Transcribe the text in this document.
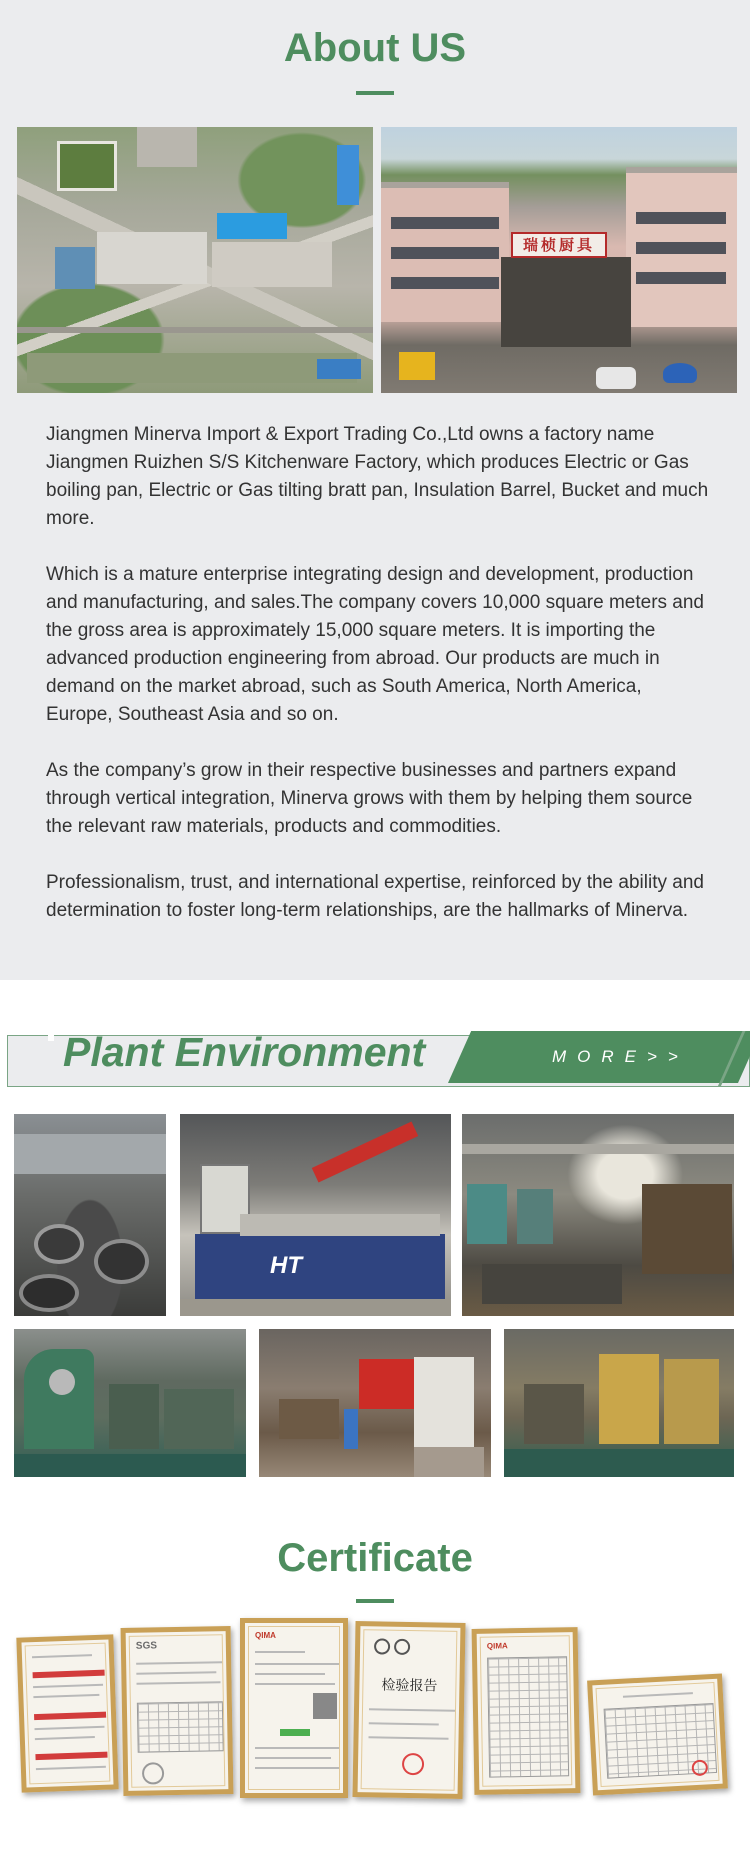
About US
瑞桢厨具

Jiangmen Minerva Import & Export Trading Co.,Ltd owns a factory name Jiangmen Ruizhen S/S Kitchenware Factory, which produces Electric or Gas boiling pan, Electric or Gas tilting bratt pan, Insulation Barrel, Bucket and much more.

Which is a mature enterprise integrating design and development, production and manufacturing, and sales.The company covers 10,000 square meters and the gross area is approximately 15,000 square meters. It is importing the advanced production engineering from abroad. Our products are much in demand on the market abroad, such as South America, North America, Europe, Southeast Asia and so on.

As the company’s grow in their respective businesses and partners expand through vertical integration, Minerva grows with them by helping them source the relevant raw materials, products and commodities.

Professionalism, trust, and international expertise, reinforced by the ability and determination to foster long-term relationships, are the hallmarks of Minerva.

Plant Environment	MORE>>
HT
Certificate
SGS
QIMA
检验报告
QIMA
